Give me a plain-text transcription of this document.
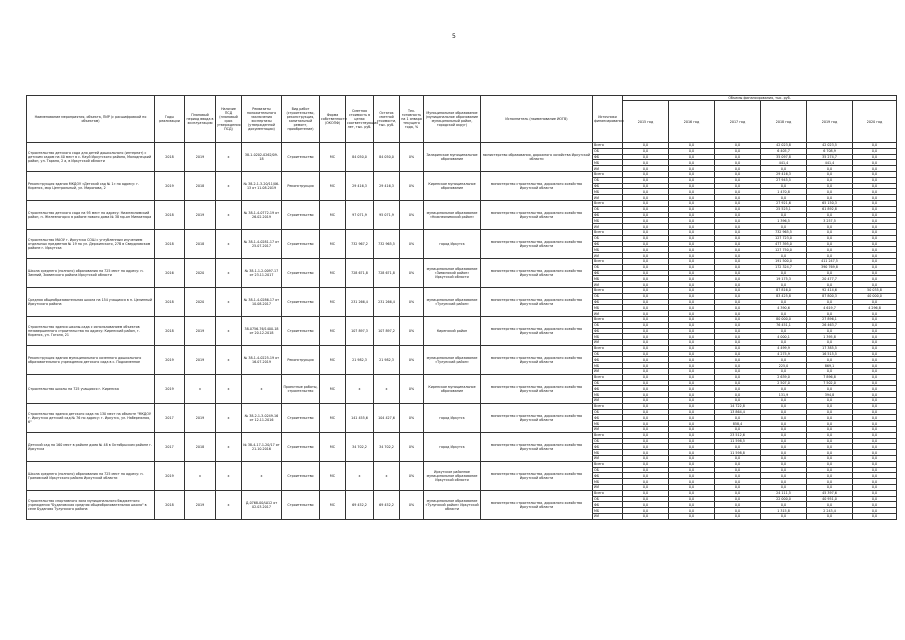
5
Наименование мероприятия, объекта, ПИР (с расшифровкой по объектам)	Годы реализации	Плановый период ввода в эксплуатацию	Наличие ПСД (плановый срок утверждения ПСД)	Реквизиты положительного заключения экспертизы (утвержденной документации)	Вид работ (строительство, реконструкция, капитальный ремонт, приобретение)	Форма собственности (ОКОПФ)	Сметная стоимость в ценах соответствующих лет, тыс. руб.	Остаток сметной стоимости, тыс. руб.	Тех. готовность на 1 января текущего года, %	Муниципальное образование (муниципальное образование муниципальный район, городской округ)	Исполнитель (наименование ИОГВ)	Источники финансирования	Объемы финансирования, тыс. руб.					
													2015 год	2016 год	2017 год	2018 год	2019 год	2020 год
Строительство детского сада для детей дошкольного (интернат) с детским садом на 40 мест в с. Кауй Иркутского района, Молоднецкий район, ул. Тарана, 2 а, в Иркутской области	2018	2019	x	38-1-0202-0262/09-18	Строительство	МС	84 050,0	84 050,0	0%	Заларинское муниципальное образование	министерство образования, дорожного хозяйства Иркутской области	Всего	0,0	0,0	0,0	42 023,8	42 023,5	0,0
												ОБ	0,0	0,0	0,0	6 405,7	6 708,9	0,0
												ФБ	0,0	0,0	0,0	35 097,8	35 274,7	0,0
												МБ	0,0	0,0	0,0	441,4	441,4	0,0
												ИИ	0,0	0,0	0,0	0,0	0,0	0,0
Реконструкция здания МКДОУ «Детский сад № 1» по адресу: г. Киренск, мкр Центральный, ул. Миронова, 2	2019	2018	x	№ 38-2-1-3-20/11/06-13 от 11.08.2019	Реконструкция	МС	29 416,3	29 416,3	0%	Киренское муниципальное образование	министерство строительства, дорожного хозяйства Иркутской области	Всего	0,0	0,0	0,0	29 416,3	0,0	0,0
												ОБ	0,0	0,0	0,0	27 945,5	0,0	0,0
												ФБ	0,0	0,0	0,0	0,0	0,0	0,0
												МБ	0,0	0,0	0,0	1 470,8	0,0	0,0
												ИИ	0,0	0,0	0,0	0,0	0,0	0,0
Строительство детского сада на 95 мест по адресу: Нижнеилимский район, п. Железногорск в районе нового дома № 38 мр-он Миниатюра	2018	2019	x	№ 38-1-4-0772-19 от 26.02.2019	Строительство	МС	97 071,9	95 071,9	0%	муниципальное образование «Нижнеилимский район»	министерство строительства, дорожного хозяйства Иркутской области	Всего	0,0	0,0	0,0	27 921,6	65 150,3	0,0
												ОБ	0,0	0,0	0,0	25 525,1	61 892,8	0,0
												ФБ	0,0	0,0	0,0	0,0	0,0	0,0
												МБ	0,0	0,0	0,0	1 396,5	3 257,5	0,0
												ИИ	0,0	0,0	0,0	0,0	0,0	0,0
Строительство МАОУ г. Иркутска СОШ с углубленным изучением отдельных предметов № 19 по ул. Держинского, 27В в Свердловском районе г. Иркутска	2018	2018	x	№ 38-1-4-0281-17 от 25.07.2017	Строительство	МС	732 967,2	732 965,5	0%	город Иркутск	министерство строительства, дорожного хозяйства Иркутской области	Всего	0,0	0,0	0,0	732 965,5	0,0	0,0
												ОБ	0,0	0,0	0,0	127 723,0	0,0	0,0
												ФБ	0,0	0,0	0,0	477 395,0	0,0	0,0
												МБ	0,0	0,0	0,0	127 750,0	0,0	0,0
												ИИ	0,0	0,0	0,0	0,0	0,0	0,0
Школа среднего (полного) образования на 725 мест по адресу: п. Зимний, Зиминского района Иркутской области	2016	2020	x	№ 38-1-1-2-0097-17 от 23.11.2017	Строительство	МС	728 671,8	728 671,8	0%	муниципальное образование «Зиминский район» Иркутской области	министерство строительства, дорожного хозяйства Иркутской области	Всего	0,0	0,0	0,0	191 500,0	411 247,5	0,0
												ОБ	0,0	0,0	0,0	172 324,7	390 769,8	0,0
												ФБ	0,0	0,0	0,0	0,0	0,0	0,0
												МБ	0,0	0,0	0,0	19 175,3	20 477,7	0,0
												ИИ	0,0	0,0	0,0	0,0	0,0	0,0
Средняя общеобразовательная школа на 154 учащихся в п. Целинный Иркутского района	2018	2020	x	№ 38-1-4-0286-17 от 10.08.2017	Строительство	МС	231 266,4	231 266,4	0%	муниципальное образование «Тулунский район»	министерство строительства, дорожного хозяйства Иркутской области	Всего	0,0	0,0	0,0	87 816,0	92 414,6	50 035,8
												ОБ	0,0	0,0	0,0	83 425,8	87 800,3	40 000,0
												ФБ	0,0	0,0	0,0	0,0	0,0	0,0
												МБ	0,0	0,0	0,0	4 390,6	4 619,7	4 296,8
												ИИ	0,0	0,0	0,0	0,0	0,0	0,0
Строительство здания школы-сада с использованием объектов незавершенного строительства по адресу: Киренский район, г. Киренск, ул. Гоголя, 21	2018	2019	x	38-0756-76/1400-18 от 20.12.2018	Строительство	МС	107 897,3	107 897,2	0%	Киренский район	министерство строительства, дорожного хозяйства Иркутской области	Всего	0,0	0,0	0,0	80 000,0	27 896,1	0,0
												ОБ	0,0	0,0	0,0	76 451,1	26 463,7	0,0
												ФБ	0,0	0,0	0,0	0,0	0,0	0,0
												МБ	0,0	0,0	0,0	4 000,1	1 395,8	0,0
												ИИ	0,0	0,0	0,0	0,0	0,0	0,0
Реконструкция здания муниципального казенного дошкольного образовательного учреждения детского сада в с. Подкаменное	2019	2019	x	№ 38-1-4-0225-19 от 16.07.2019	Реконструкция	МС	21 982,3	21 982,3	0%	муниципальное образование «Тулунский район»	министерство строительства, дорожного хозяйства Иркутской области	Всего	0,0	0,0	0,0	4 499,9	17 385,5	0,0
												ОБ	0,0	0,0	0,0	4 275,9	16 515,5	0,0
												ФБ	0,0	0,0	0,0	0,0	0,0	0,0
												МБ	0,0	0,0	0,0	225,0	869,1	0,0
												ИИ	0,0	0,0	0,0	0,0	0,0	0,0
Строительство школы на 725 учащихся г. Киренска	2019	x	x	x	Проектные работы, строительство	МС	x	x	0%	Киренское муниципальное образование	министерство строительства, дорожного хозяйства Иркутской области	Всего	0,0	0,0	0,0	2 639,0	7 896,8	0,0
												ОБ	0,0	0,0	0,0	2 507,0	7 502,0	0,0
												ФБ	0,0	0,0	0,0	0,0	0,0	0,0
												МБ	0,0	0,0	0,0	131,9	394,8	0,0
												ИИ	0,0	0,0	0,0	0,0	0,0	0,0
Строительство здания детского сада на 130 мест на объекте "МКДОУ г. Иркутска детский сад № 76 по адресу: г. Иркутск, ул. Набережная, 6"	2017	2019	x	№ 38-2-1-3-0249-16 от 12.11.2016	Строительство	МС	141 455,6	104 427,6	0%	город Иркутск	министерство строительства, дорожного хозяйства Иркутской области	Всего	0,0	0,0	14 722,8	0,0	0,0	0,0
												ОБ	0,0	0,0	13 864,4	0,0	0,0	0,0
												ФБ	0,0	0,0	0,0	0,0	0,0	0,0
												МБ	0,0	0,0	858,4	0,0	0,0	0,0
												ИИ	0,0	0,0	0,0	0,0	0,0	0,0
Детский сад на 160 мест в районе дома № 48 в Октябрьском районе г. Иркутска	2017	2018	x	№ 38-4-17-1-20/17 от 21.10.2016	Строительство	МС	34 702,2	34 702,2	0%	город Иркутск	министерство строительства, дорожного хозяйства Иркутской области	Всего	0,0	0,0	23 512,6	0,0	0,0	0,0
												ОБ	0,0	0,0	11 598,5	0,0	0,0	0,0
												ФБ	0,0	0,0	0,0	0,0	0,0	0,0
												МБ	0,0	0,0	11 598,8	0,0	0,0	0,0
												ИИ	0,0	0,0	0,0	0,0	0,0	0,0
Школа среднего (полного) образования на 725 мест по адресу: п. Грановский Иркутского района Иркутской области	2019	x	x	x	Строительство	МС	x	x	0%	Иркутское районное муниципальное образование Иркутской области	министерство строительства, дорожного хозяйства Иркутской области	Всего	0,0	0,0	0,0	0,0	0,0	0,0
												ОБ	0,0	0,0	0,0	0,0	0,0	0,0
												ФБ	0,0	0,0	0,0	0,0	0,0	0,0
												МБ	0,0	0,0	0,0	0,0	0,0	0,0
												ИИ	0,0	0,0	0,0	0,0	0,0	0,0
Строительство спортивного зала муниципального бюджетного учреждения "Будаговская средняя общеобразовательная школа" в селе Будагово Тулунского района	2018	2019	x	Д-0768-00/Ш12 от 02.03.2017	Строительство	МС	69 452,2	69 452,2	0%	муниципальное образование «Тулунский район» Иркутской области	министерство строительства, дорожного хозяйства Иркутской области	Всего	0,0	0,0	0,0	24 111,5	45 397,6	0,0
												ОБ	0,0	0,0	0,0	22 000,0	40 951,0	0,0
												ФБ	0,0	0,0	0,0	0,0	0,0	0,0
												МБ	0,0	0,0	0,0	1 315,8	2 243,4	0,0
												ИИ	0,0	0,0	0,0	0,0	0,0	0,0
